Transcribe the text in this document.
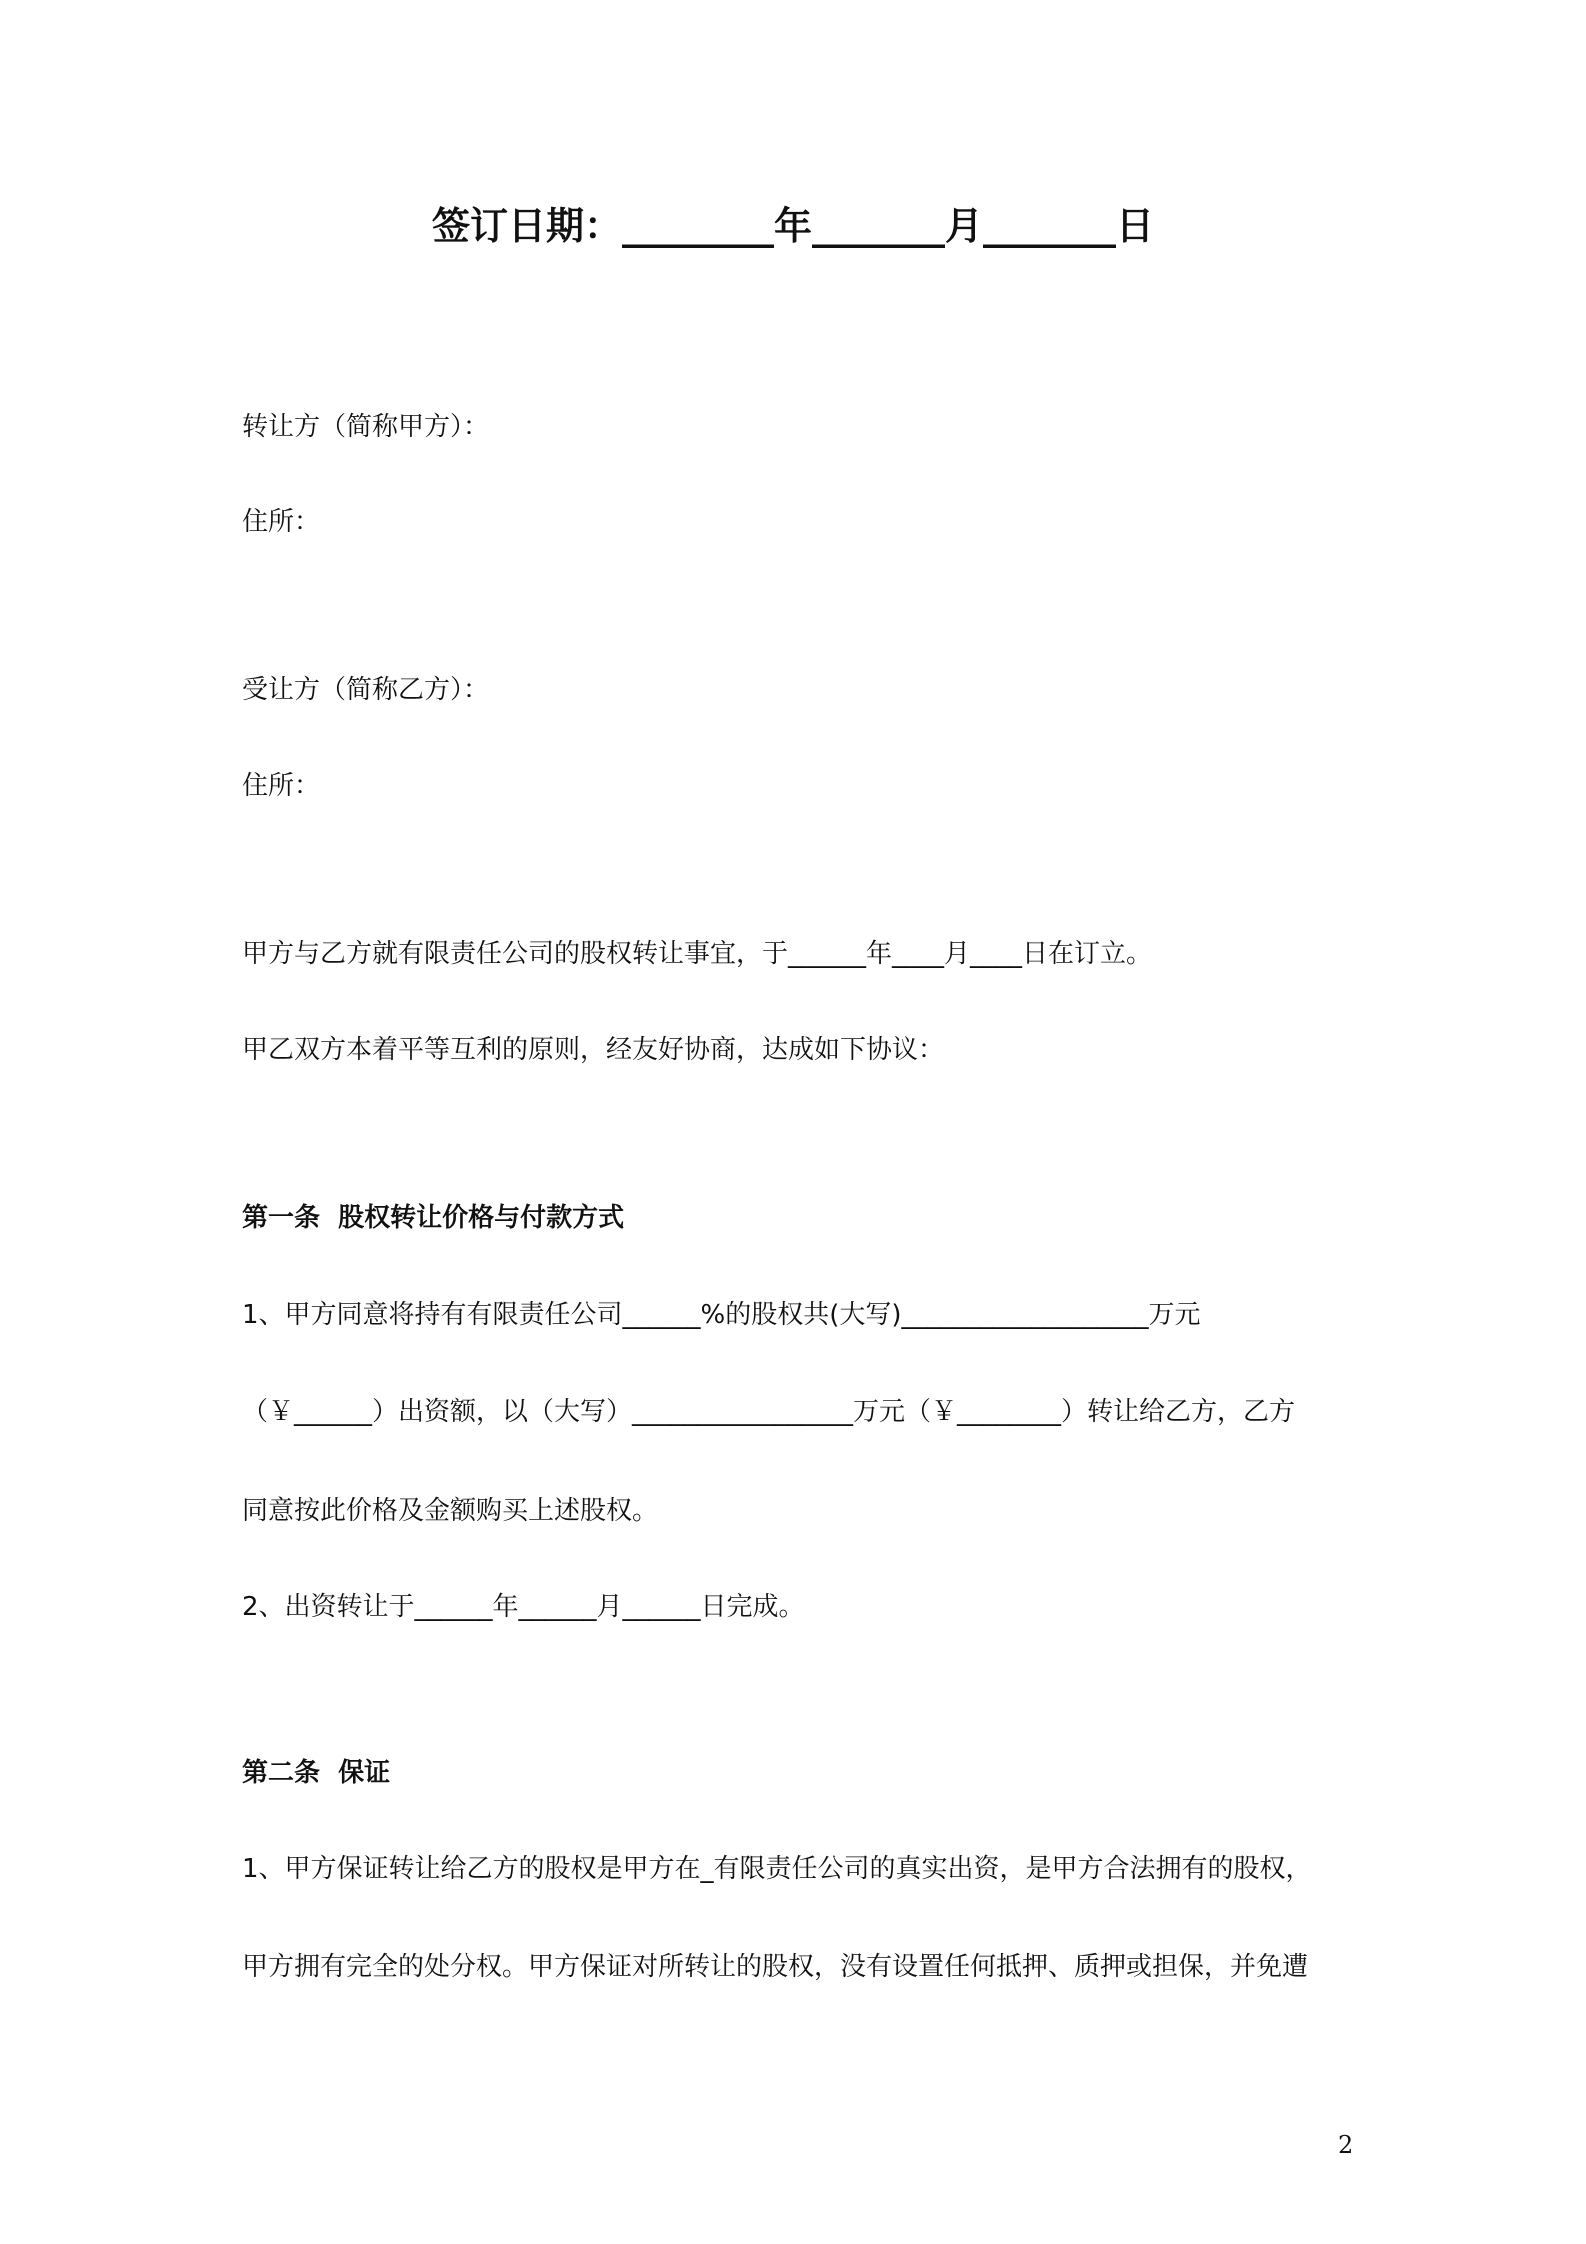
签订日期：________年_______月_______日
转让方（简称甲方）：
住所：
受让方（简称乙方）：
住所：
甲方与乙方就有限责任公司的股权转让事宜，于______年____月____日在订立。
甲乙双方本着平等互利的原则，经友好协商，达成如下协议：
第一条  股权转让价格与付款方式
1、甲方同意将持有有限责任公司______%的股权共(大写)___________________万元
（￥______）出资额，以（大写）_________________万元（￥________）转让给乙方，乙方
同意按此价格及金额购买上述股权。
2、出资转让于______年______月______日完成。
第二条  保证
1、甲方保证转让给乙方的股权是甲方在_有限责任公司的真实出资，是甲方合法拥有的股权，
甲方拥有完全的处分权。甲方保证对所转让的股权，没有设置任何抵押、质押或担保，并免遭
2
